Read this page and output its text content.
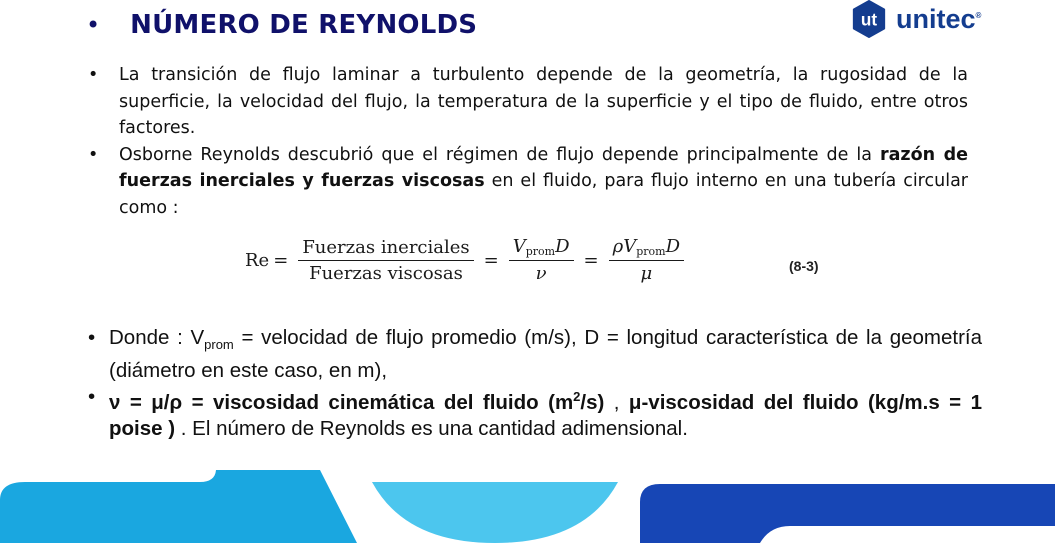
• NÚMERO DE REYNOLDS	ut unitec®
• La transición de flujo laminar a turbulento depende de la geometría, la rugosidad de la superficie, la velocidad del flujo, la temperatura de la superficie y el tipo de fluido, entre otros factores.
• Osborne Reynolds descubrió que el régimen de flujo depende principalmente de la razón de fuerzas inerciales y fuerzas viscosas en el fluido, para flujo interno en una tubería circular como :
$Re = \frac{\text{Fuerzas inerciales}}{\text{Fuerzas viscosas}} = \frac{V_{prom}D}{\nu} = \frac{\rho V_{prom}D}{\mu}$	(8-3)
• Donde : $V_{prom}$ = velocidad de flujo promedio (m/s), D = longitud característica de la geometría (diámetro en este caso, en m),
• ν = μ/ρ = viscosidad cinemática del fluido $(m^2/s)$ , μ-viscosidad del fluido (kg/m.s = 1 poise ) . El número de Reynolds es una cantidad adimensional.
